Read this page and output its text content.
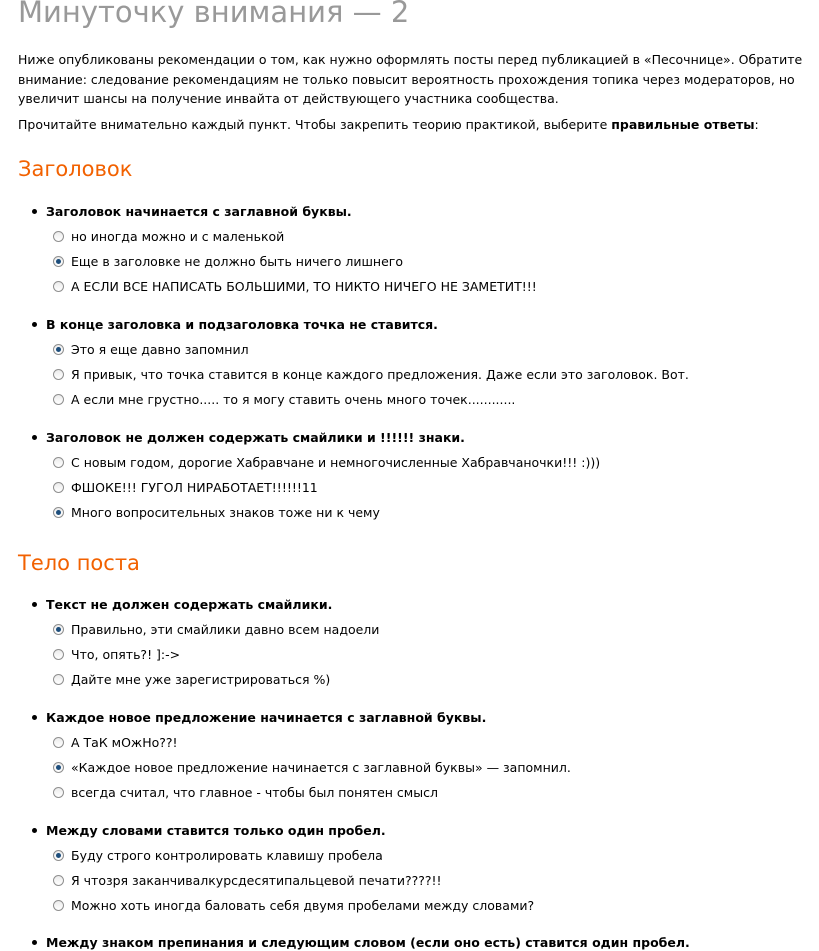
Минуточку внимания — 2

Ниже опубликованы рекомендации о том, как нужно оформлять посты перед публикацией в «Песочнице». Обратите внимание: следование рекомендациям не только повысит вероятность прохождения топика через модераторов, но увеличит шансы на получение инвайта от действующего участника сообщества.

Прочитайте внимательно каждый пункт. Чтобы закрепить теорию практикой, выберите правильные ответы:

Заголовок
Заголовок начинается с заглавной буквы.
но иногда можно и с маленькой
Еще в заголовке не должно быть ничего лишнего
А ЕСЛИ ВСЕ НАПИСАТЬ БОЛЬШИМИ, ТО НИКТО НИЧЕГО НЕ ЗАМЕТИТ!!!
В конце заголовка и подзаголовка точка не ставится.
Это я еще давно запомнил
Я привык, что точка ставится в конце каждого предложения. Даже если это заголовок. Вот.
А если мне грустно..... то я могу ставить очень много точек............
Заголовок не должен содержать смайлики и !!!!!! знаки.
С новым годом, дорогие Хабравчане и немногочисленные Хабравчаночки!!! :)))
ФШОКЕ!!! ГУГОЛ НИРАБОТАЕТ!!!!!!11
Много вопросительных знаков тоже ни к чему
Тело поста
Текст не должен содержать смайлики.
Правильно, эти смайлики давно всем надоели
Что, опять?! ]:->
Дайте мне уже зарегистрироваться %)
Каждое новое предложение начинается с заглавной буквы.
А ТаК мОжНо??!
«Каждое новое предложение начинается с заглавной буквы» — запомнил.
всегда считал, что главное - чтобы был понятен смысл
Между словами ставится только один пробел.
Буду строго контролировать клавишу пробела
Я чтозря заканчивалкурсдесятипальцевой печати????!!
Можно хоть иногда баловать себя двумя пробелами между словами?
Между знаком препинания и следующим словом (если оно есть) ставится один пробел.
